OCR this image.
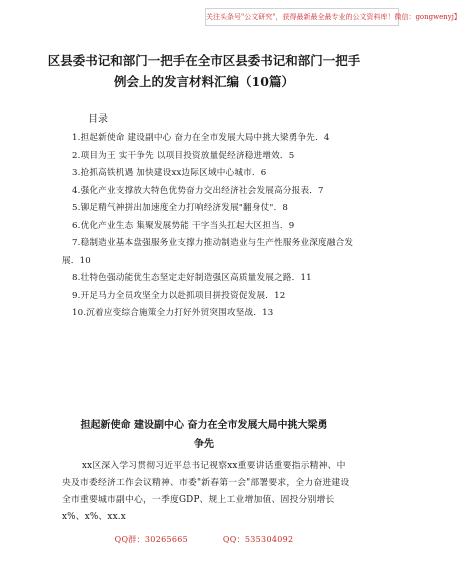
关注头条号"公文研究"，获得最新最全最专业的公文资料库！微信：gongwenyj】
区县委书记和部门一把手在全市区县委书记和部门一把手
例会上的发言材料汇编（10篇）
目录
1.担起新使命 建设副中心 奋力在全市发展大局中挑大梁勇争先．4
2.项目为王 实干争先 以项目投资放量促经济稳进增效．5
3.抢抓高铁机遇 加快建设xx边际区域中心城市．6
4.强化产业支撑放大特色优势奋力交出经济社会发展高分报表．7
5.铆足精气神拼出加速度全力打响经济发展"翻身仗"．8
6.优化产业生态 集聚发展势能 干字当头扛起大区担当．9
7.稳制造业基本盘强服务业支撑力推动制造业与生产性服务业深度融合发展．10
8.壮特色强动能优生态坚定走好制造强区高质量发展之路．11
9.开足马力全员攻坚全力以赴抓项目拼投资促发展．12
10.沉着应变综合施策全力打好外贸突围攻坚战．13
担起新使命 建设副中心 奋力在全市发展大局中挑大梁勇
争先

xx区深入学习贯彻习近平总书记视察xx重要讲话重要指示精神、中央及市委经济工作会议精神、市委"新春第一会"部署要求，全力奋进建设全市重要城市副中心，一季度GDP、规上工业增加值、固投分别增长x%、x%、xx.x

QQ群：30265665	QQ：535304092
